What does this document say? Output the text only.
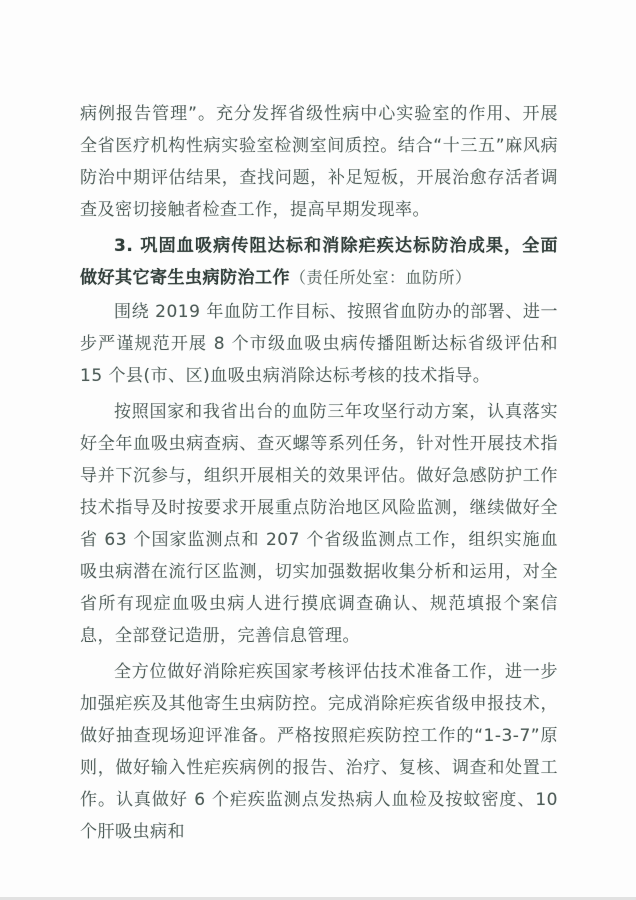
病例报告管理”。充分发挥省级性病中心实验室的作用、开展全省医疗机构性病实验室检测室间质控。结合“十三五”麻风病防治中期评估结果，查找问题，补足短板，开展治愈存活者调查及密切接触者检查工作，提高早期发现率。

3. 巩固血吸病传阻达标和消除疟疾达标防治成果，全面做好其它寄生虫病防治工作（责任所处室：血防所）

围绕 2019 年血防工作目标、按照省血防办的部署、进一步严谨规范开展 8 个市级血吸虫病传播阻断达标省级评估和 15 个县(市、区)血吸虫病消除达标考核的技术指导。

按照国家和我省出台的血防三年攻坚行动方案，认真落实好全年血吸虫病查病、查灭螺等系列任务，针对性开展技术指导并下沉参与，组织开展相关的效果评估。做好急感防护工作技术指导及时按要求开展重点防治地区风险监测，继续做好全省 63 个国家监测点和 207 个省级监测点工作，组织实施血吸虫病潜在流行区监测，切实加强数据收集分析和运用，对全省所有现症血吸虫病人进行摸底调查确认、规范填报个案信息，全部登记造册，完善信息管理。

全方位做好消除疟疾国家考核评估技术准备工作，进一步加强疟疾及其他寄生虫病防控。完成消除疟疾省级申报技术，做好抽查现场迎评准备。严格按照疟疾防控工作的“1-3-7”原则，做好输入性疟疾病例的报告、治疗、复核、调查和处置工作。认真做好 6 个疟疾监测点发热病人血检及按蚊密度、10 个肝吸虫病和
